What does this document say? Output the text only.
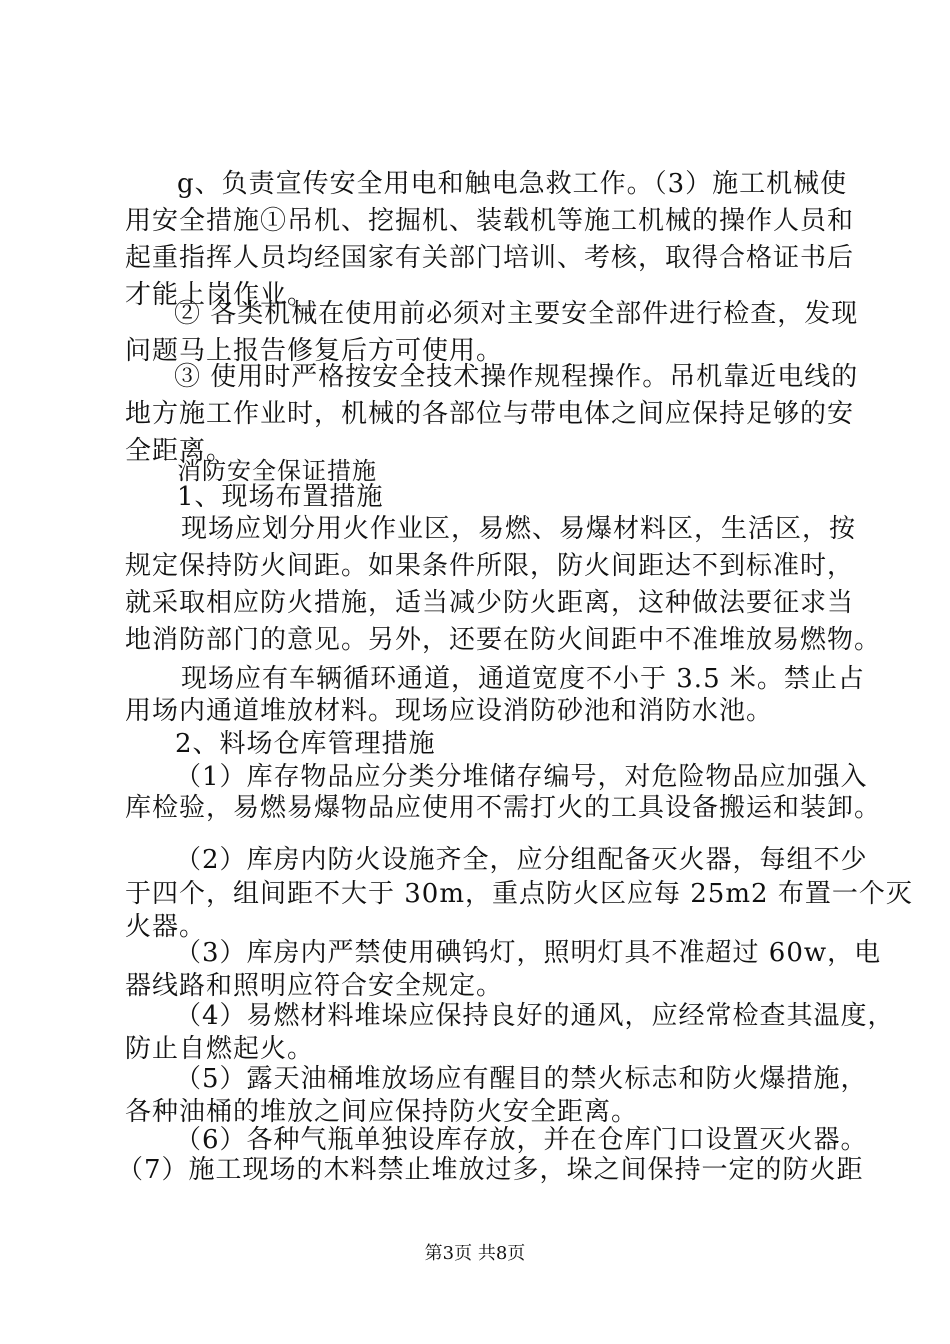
g、负责宣传安全用电和触电急救工作。（3）施工机械使
用安全措施①吊机、挖掘机、装载机等施工机械的操作人员和
起重指挥人员均经国家有关部门培训、考核，取得合格证书后
才能上岗作业。
② 各类机械在使用前必须对主要安全部件进行检查，发现
问题马上报告修复后方可使用。
③ 使用时严格按安全技术操作规程操作。吊机靠近电线的
地方施工作业时，机械的各部位与带电体之间应保持足够的安
全距离。
消防安全保证措施
1、现场布置措施
现场应划分用火作业区，易燃、易爆材料区，生活区，按
规定保持防火间距。如果条件所限，防火间距达不到标准时，
就采取相应防火措施，适当减少防火距离，这种做法要征求当
地消防部门的意见。另外，还要在防火间距中不准堆放易燃物。
现场应有车辆循环通道，通道宽度不小于 3.5 米。禁止占
用场内通道堆放材料。现场应设消防砂池和消防水池。
2、料场仓库管理措施
（1）库存物品应分类分堆储存编号，对危险物品应加强入
库检验，易燃易爆物品应使用不需打火的工具设备搬运和装卸。
（2）库房内防火设施齐全，应分组配备灭火器，每组不少
于四个，组间距不大于 30m，重点防火区应每 25m2 布置一个灭
火器。
（3）库房内严禁使用碘钨灯，照明灯具不准超过 60w，电
器线路和照明应符合安全规定。
（4）易燃材料堆垛应保持良好的通风，应经常检查其温度，
防止自燃起火。
（5）露天油桶堆放场应有醒目的禁火标志和防火爆措施，
各种油桶的堆放之间应保持防火安全距离。
（6）各种气瓶单独设库存放，并在仓库门口设置灭火器。
（7）施工现场的木料禁止堆放过多，垛之间保持一定的防火距
第3页 共8页
